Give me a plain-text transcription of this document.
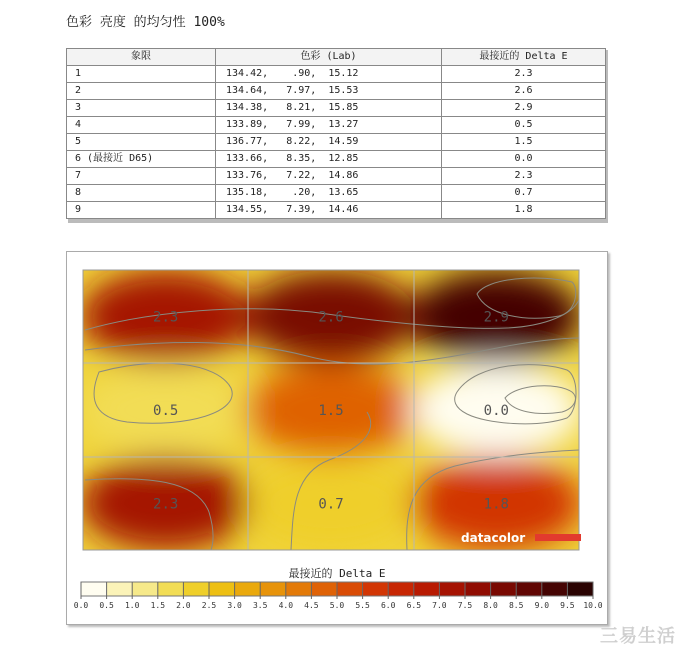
色彩 亮度 的均匀性 100%
象限	色彩 (Lab)	最接近的 Delta E
1	134.42,    .90,  15.12	2.3
2	134.64,   7.97,  15.53	2.6
3	134.38,   8.21,  15.85	2.9
4	133.89,   7.99,  13.27	0.5
5	136.77,   8.22,  14.59	1.5
6 (最接近 D65)	133.66,   8.35,  12.85	0.0
7	133.76,   7.22,  14.86	2.3
8	135.18,    .20,  13.65	0.7
9	134.55,   7.39,  14.46	1.8
2.3	2.6	2.9
0.5	1.5	0.0
2.3	0.7	1.8
datacolor
最接近的 Delta E
0.0 0.5 1.0 1.5 2.0 2.5 3.0 3.5 4.0 4.5 5.0 5.5 6.0 6.5 7.0 7.5 8.0 8.5 9.0 9.5 10.0
三易生活
